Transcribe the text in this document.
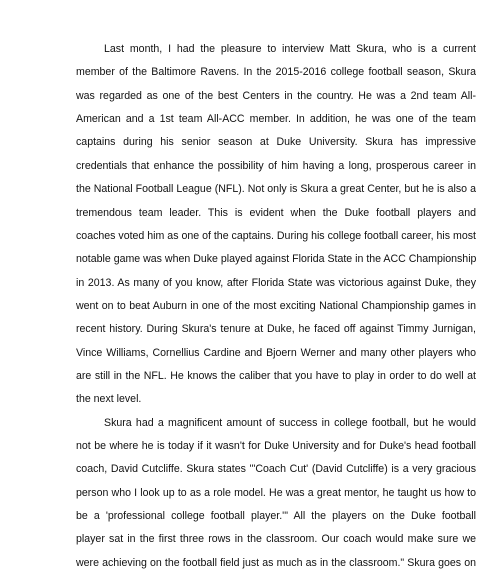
Last month, I had the pleasure to interview Matt Skura, who is a current
member of the Baltimore Ravens. In the 2015-2016 college football season, Skura
was regarded as one of the best Centers in the country. He was a 2nd team All-
American and a 1st team All-ACC member. In addition, he was one of the team
captains during his senior season at Duke University. Skura has impressive
credentials that enhance the possibility of him having a long, prosperous career in
the National Football League (NFL). Not only is Skura a great Center, but he is also a
tremendous team leader. This is evident when the Duke football players and
coaches voted him as one of the captains. During his college football career, his most
notable game was when Duke played against Florida State in the ACC Championship
in 2013. As many of you know, after Florida State was victorious against Duke, they
went on to beat Auburn in one of the most exciting National Championship games in
recent history. During Skura's tenure at Duke, he faced off against Timmy Jurnigan,
Vince Williams, Cornellius Cardine and Bjoern Werner and many other players who
are still in the NFL. He knows the caliber that you have to play in order to do well at
the next level.
Skura had a magnificent amount of success in college football, but he would
not be where he is today if it wasn't for Duke University and for Duke's head football
coach, David Cutcliffe. Skura states "'Coach Cut' (David Cutcliffe) is a very gracious
person who I look up to as a role model. He was a great mentor, he taught us how to
be a 'professional college football player.'" All the players on the Duke football
player sat in the first three rows in the classroom. Our coach would make sure we
were achieving on the football field just as much as in the classroom." Skura goes on
